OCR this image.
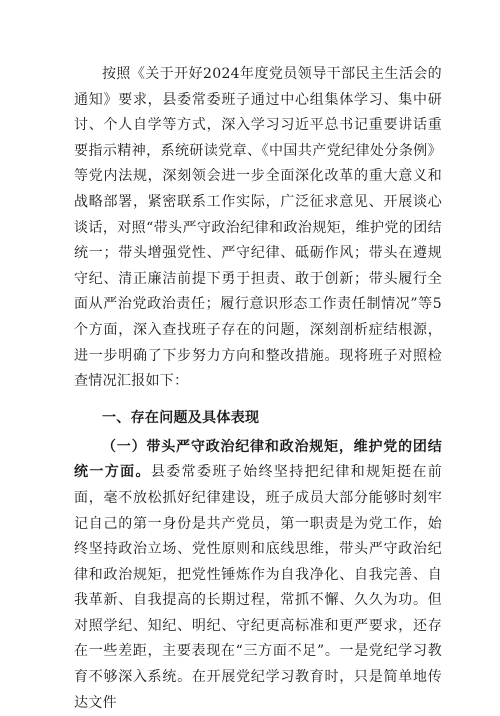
按照《关于开好2024年度党员领导干部民主生活会的通知》要求，县委常委班子通过中心组集体学习、集中研讨、个人自学等方式，深入学习习近平总书记重要讲话重要指示精神，系统研读党章、《中国共产党纪律处分条例》等党内法规，深刻领会进一步全面深化改革的重大意义和战略部署，紧密联系工作实际，广泛征求意见、开展谈心谈话，对照“带头严守政治纪律和政治规矩，维护党的团结统一；带头增强党性、严守纪律、砥砺作风；带头在遵规守纪、清正廉洁前提下勇于担责、敢于创新；带头履行全面从严治党政治责任；履行意识形态工作责任制情况”等5个方面，深入查找班子存在的问题，深刻剖析症结根源，进一步明确了下步努力方向和整改措施。现将班子对照检查情况汇报如下：

一、存在问题及具体表现

（一）带头严守政治纪律和政治规矩，维护党的团结统一方面。县委常委班子始终坚持把纪律和规矩挺在前面，毫不放松抓好纪律建设，班子成员大部分能够时刻牢记自己的第一身份是共产党员，第一职责是为党工作，始终坚持政治立场、党性原则和底线思维，带头严守政治纪律和政治规矩，把党性锤炼作为自我净化、自我完善、自我革新、自我提高的长期过程，常抓不懈、久久为功。但对照学纪、知纪、明纪、守纪更高标准和更严要求，还存在一些差距，主要表现在“三方面不足”。一是党纪学习教育不够深入系统。在开展党纪学习教育时，只是简单地传达文件
